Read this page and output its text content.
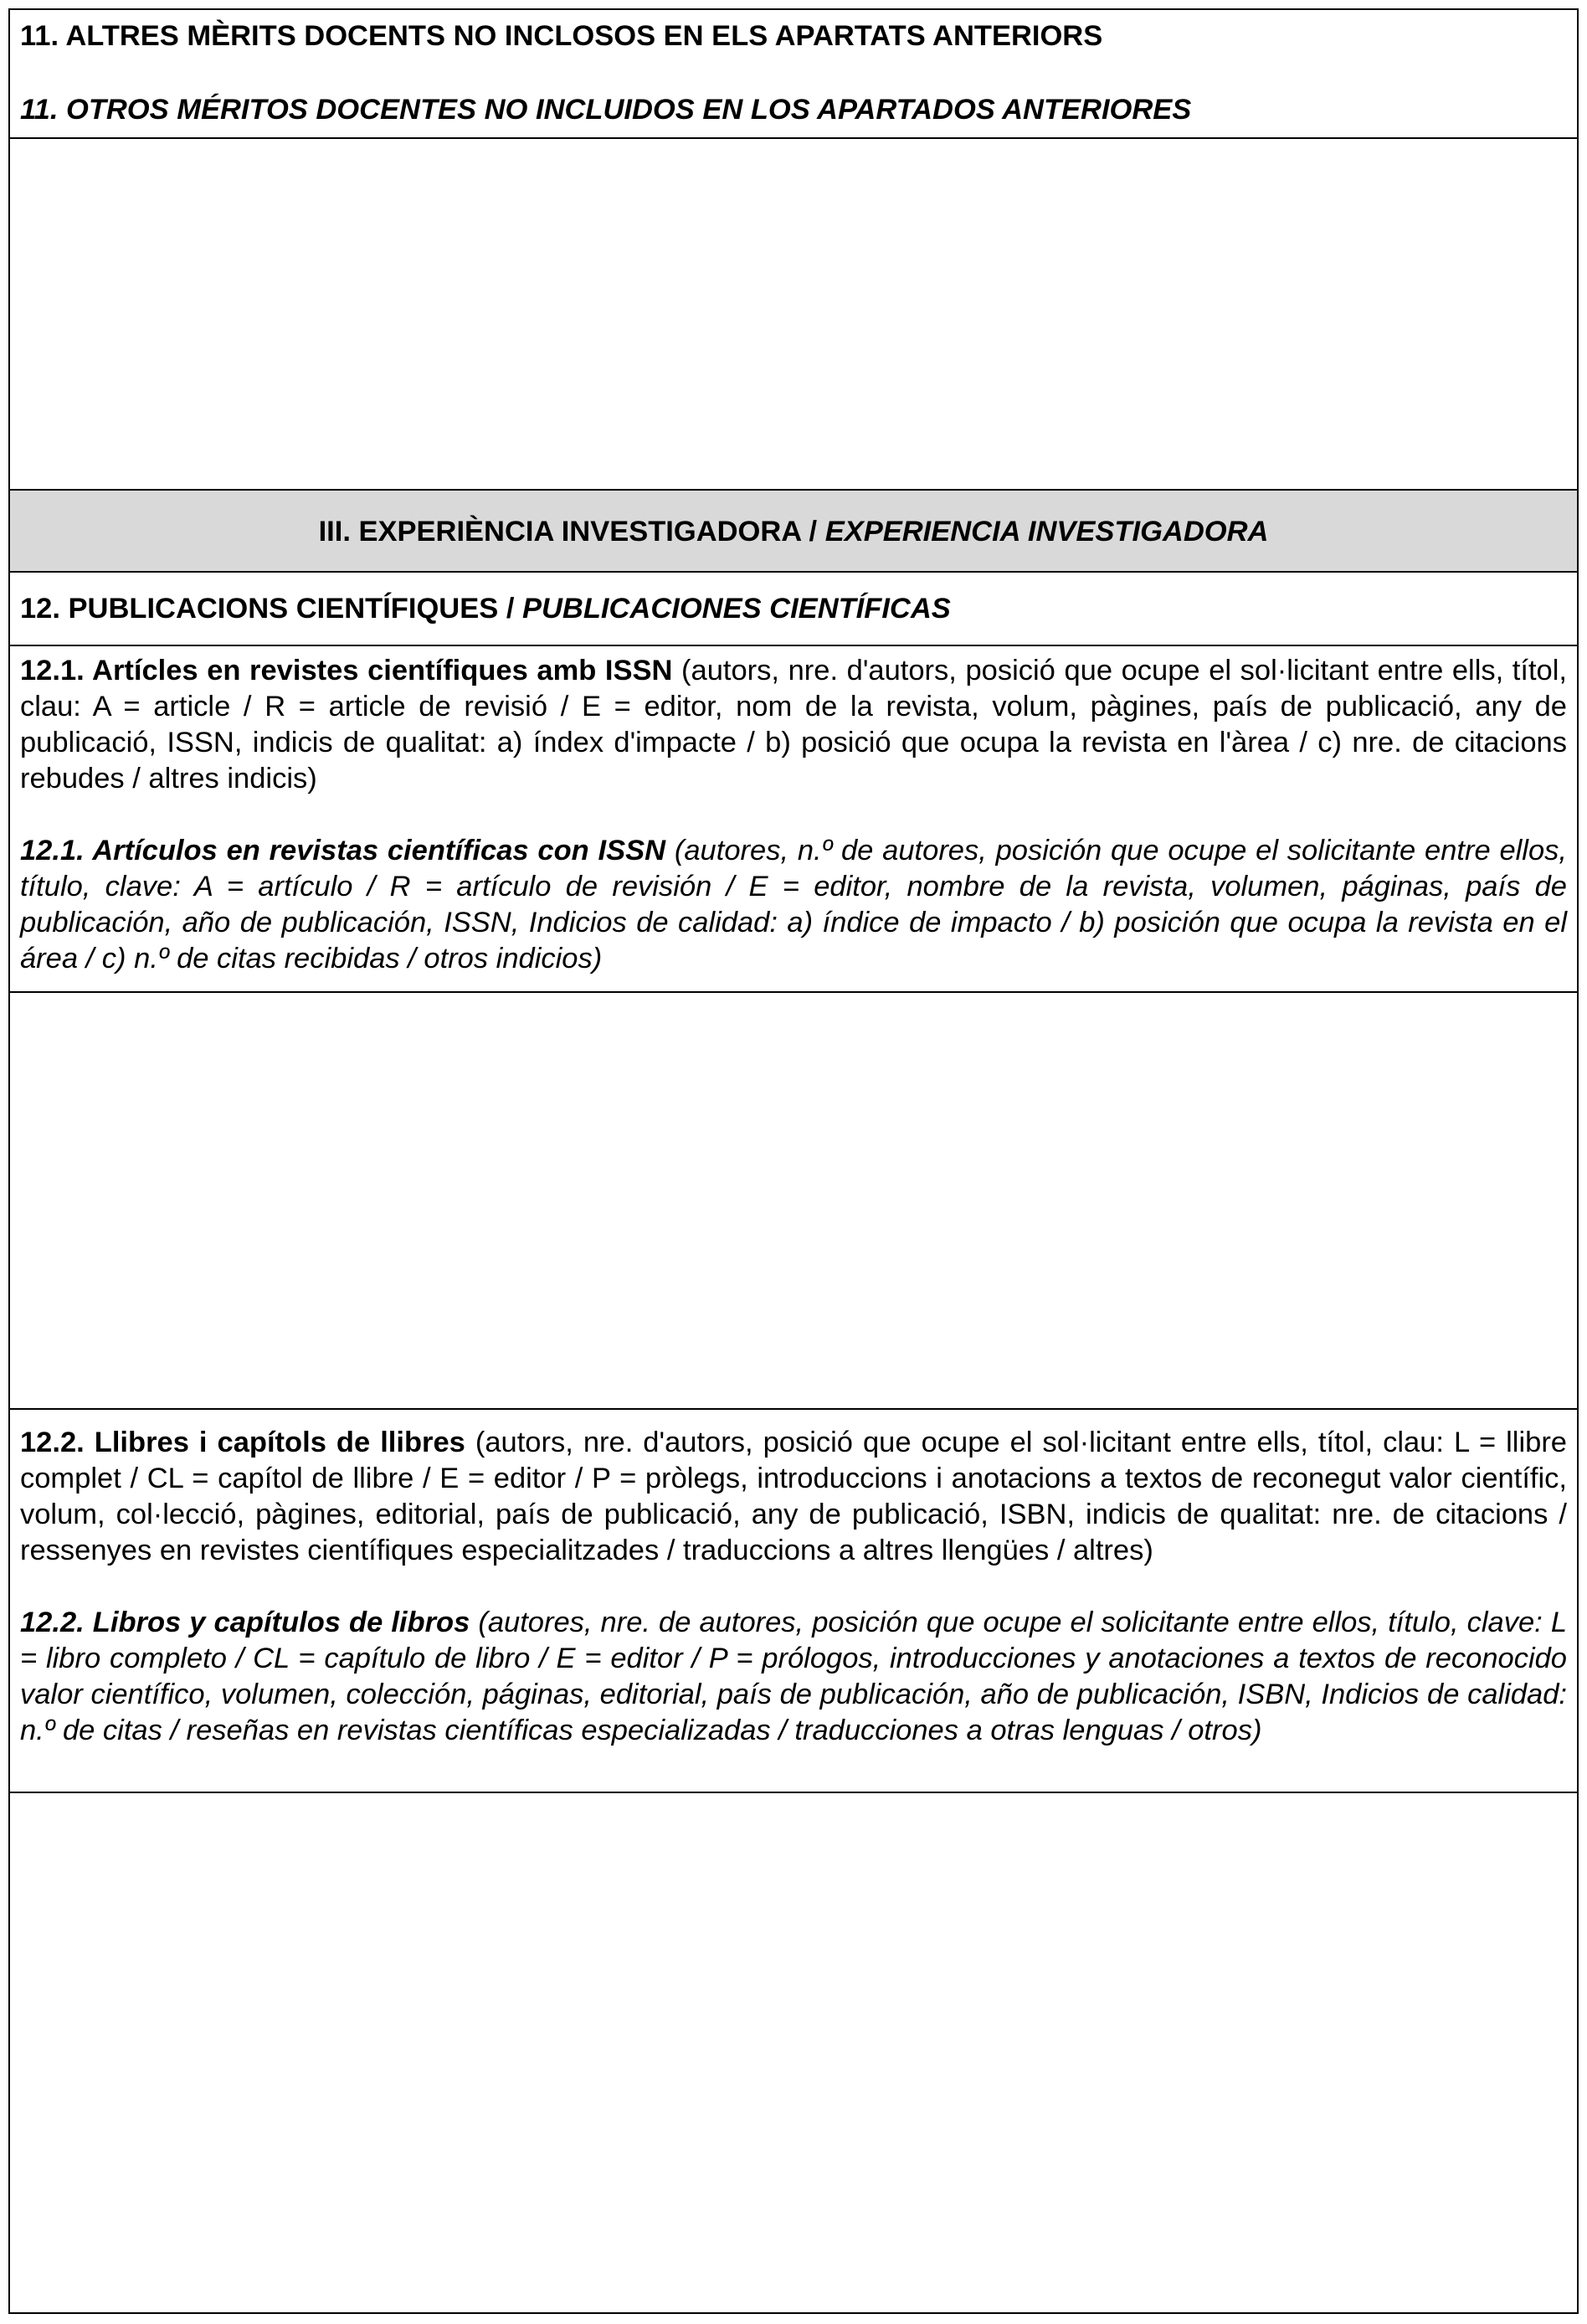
11. ALTRES MÈRITS DOCENTS NO INCLOSOS EN ELS APARTATS ANTERIORS
11. OTROS MÉRITOS DOCENTES NO INCLUIDOS EN LOS APARTADOS ANTERIORES
III. EXPERIÈNCIA INVESTIGADORA / EXPERIENCIA INVESTIGADORA
12. PUBLICACIONS CIENTÍFIQUES / PUBLICACIONES CIENTÍFICAS
12.1. Artícles en revistes científiques amb ISSN (autors, nre. d'autors, posició que ocupe el sol·licitant entre ells, títol, clau: A = article / R = article de revisió / E = editor, nom de la revista, volum, pàgines, país de publicació, any de publicació, ISSN, indicis de qualitat: a) índex d'impacte / b) posició que ocupa la revista en l'àrea / c) nre. de citacions rebudes / altres indicis)
12.1. Artículos en revistas científicas con ISSN (autores, n.º de autores, posición que ocupe el solicitante entre ellos, título, clave: A = artículo / R = artículo de revisión / E = editor, nombre de la revista, volumen, páginas, país de publicación, año de publicación, ISSN, Indicios de calidad: a) índice de impacto / b) posición que ocupa la revista en el área / c) n.º de citas recibidas / otros indicios)
12.2. Llibres i capítols de llibres (autors, nre. d'autors, posició que ocupe el sol·licitant entre ells, títol, clau: L = llibre complet / CL = capítol de llibre / E = editor / P = pròlegs, introduccions i anotacions a textos de reconegut valor científic, volum, col·lecció, pàgines, editorial, país de publicació, any de publicació, ISBN, indicis de qualitat: nre. de citacions / ressenyes en revistes científiques especialitzades / traduccions a altres llengües / altres)
12.2. Libros y capítulos de libros (autores, nre. de autores, posición que ocupe el solicitante entre ellos, título, clave: L = libro completo / CL = capítulo de libro / E = editor / P = prólogos, introducciones y anotaciones a textos de reconocido valor científico, volumen, colección, páginas, editorial, país de publicación, año de publicación, ISBN, Indicios de calidad: n.º de citas / reseñas en revistas científicas especializadas / traducciones a otras lenguas / otros)
